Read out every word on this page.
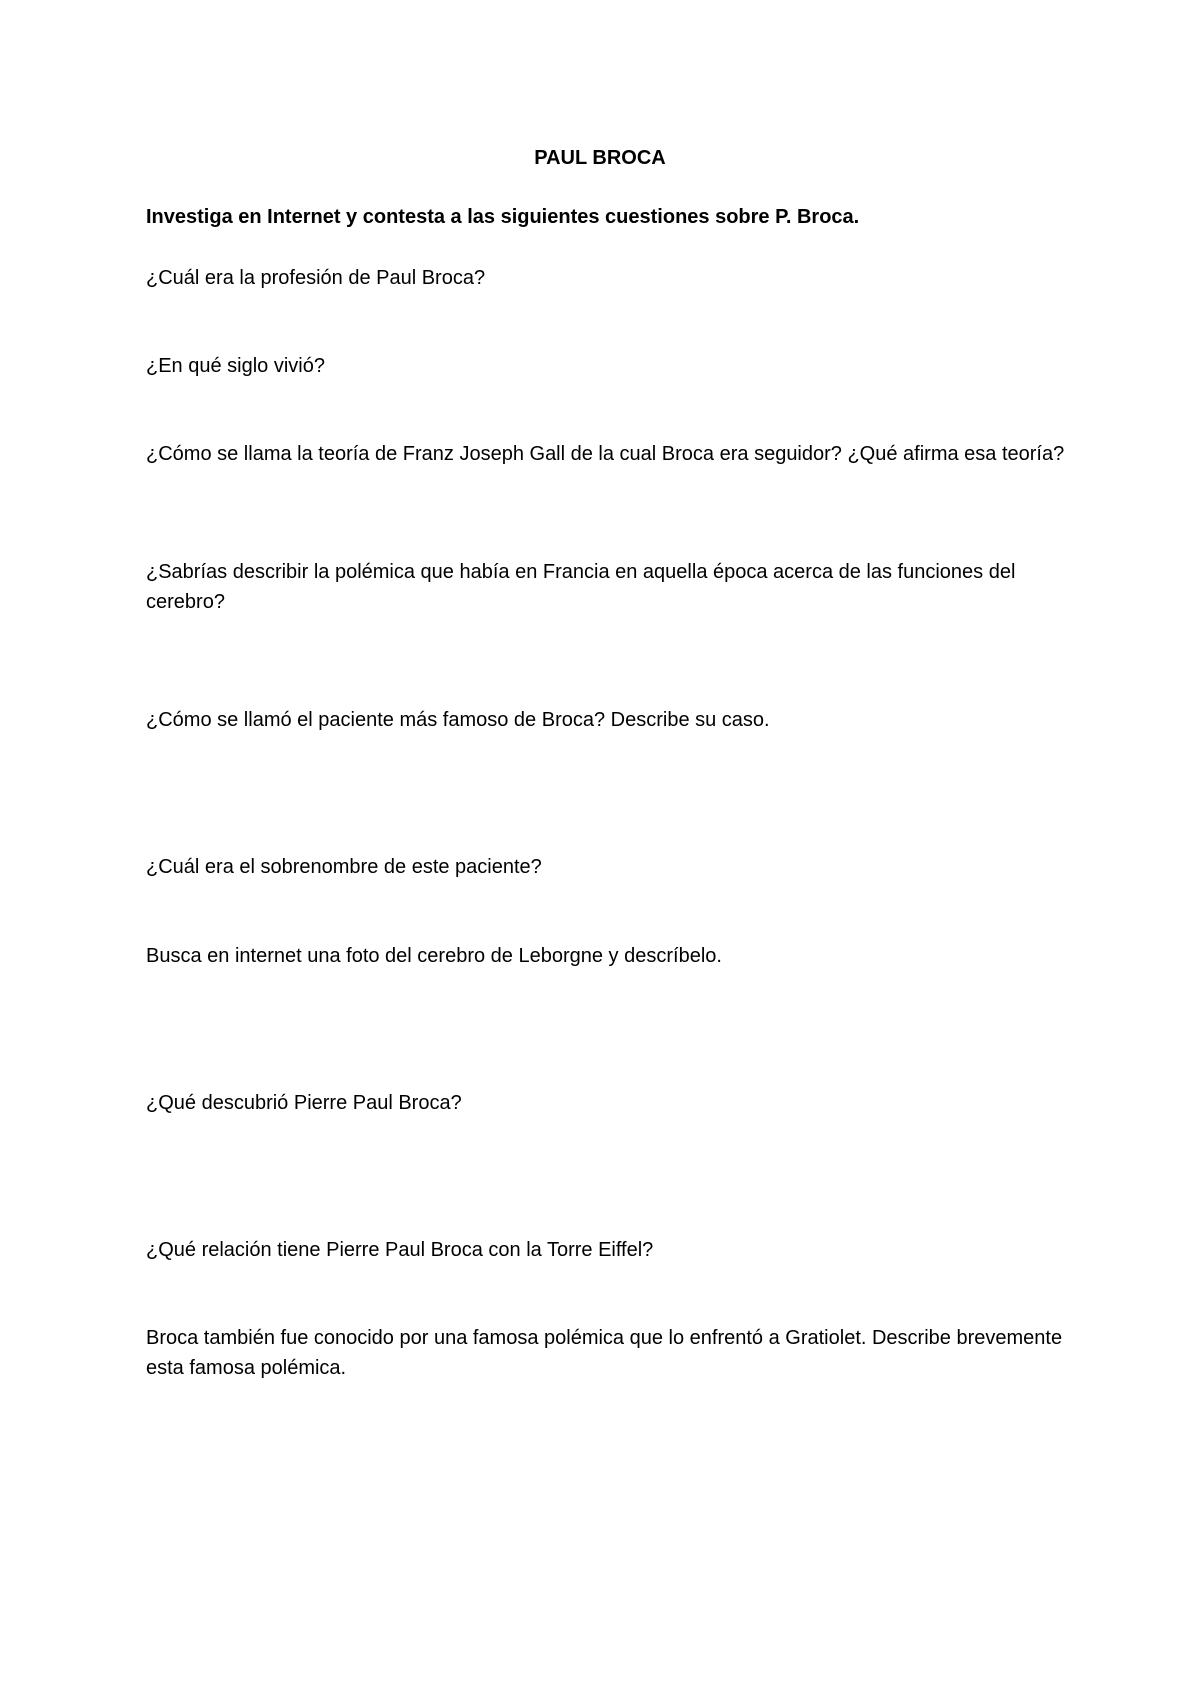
PAUL BROCA
Investiga en Internet y contesta a las siguientes cuestiones sobre P. Broca.

¿Cuál era la profesión de Paul Broca?

¿En qué siglo vivió?

¿Cómo se llama la teoría de Franz Joseph Gall de la cual Broca era seguidor? ¿Qué afirma esa teoría?

¿Sabrías describir la polémica que había en Francia en aquella época acerca de las funciones del cerebro?

¿Cómo se llamó el paciente más famoso de Broca? Describe su caso.

¿Cuál era el sobrenombre de este paciente?

Busca en internet una foto del cerebro de Leborgne y descríbelo.

¿Qué descubrió Pierre Paul Broca?

¿Qué relación tiene Pierre Paul Broca con la Torre Eiffel?

Broca también fue conocido por una famosa polémica que lo enfrentó a Gratiolet. Describe brevemente esta famosa polémica.
